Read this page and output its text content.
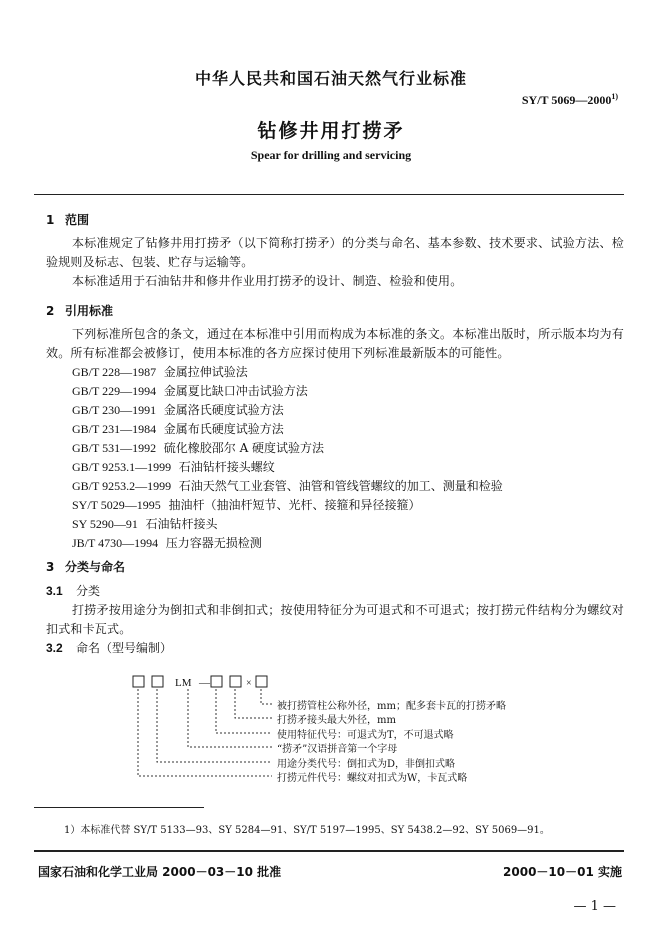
中华人民共和国石油天然气行业标准
SY/T 5069—2000$^{1)}$
钻修井用打捞矛
Spear for drilling and servicing
1 范围

本标准规定了钻修井用打捞矛（以下简称打捞矛）的分类与命名、基本参数、技术要求、试验方法、检验规则及标志、包装、贮存与运输等。

本标准适用于石油钻井和修井作业用打捞矛的设计、制造、检验和使用。

2 引用标准

下列标准所包含的条文，通过在本标准中引用而构成为本标准的条文。本标准出版时，所示版本均为有效。所有标准都会被修订，使用本标准的各方应探讨使用下列标准最新版本的可能性。

GB/T 228—1987 金属拉伸试验法
GB/T 229—1994 金属夏比缺口冲击试验方法
GB/T 230—1991 金属洛氏硬度试验方法
GB/T 231—1984 金属布氏硬度试验方法
GB/T 531—1992 硫化橡胶邵尔 A 硬度试验方法
GB/T 9253.1—1999 石油钻杆接头螺纹
GB/T 9253.2—1999 石油天然气工业套管、油管和管线管螺纹的加工、测量和检验
SY/T 5029—1995 抽油杆（抽油杆短节、光杆、接箍和异径接箍）
SY 5290—91 石油钻杆接头
JB/T 4730—1994 压力容器无损检测
3 分类与命名
3.1 分类

打捞矛按用途分为倒扣式和非倒扣式；按使用特征分为可退式和不可退式；按打捞元件结构分为螺纹对扣式和卡瓦式。

3.2 命名（型号编制）
LM —	×
被打捞管柱公称外径，mm；配多套卡瓦的打捞矛略
打捞矛接头最大外径，mm
使用特征代号：可退式为T，不可退式略
“捞矛”汉语拼音第一个字母
用途分类代号：倒扣式为D，非倒扣式略
打捞元件代号：螺纹对扣式为W，卡瓦式略
1）本标准代替 SY/T 5133—93、SY 5284—91、SY/T 5197—1995、SY 5438.2—92、SY 5069—91。
国家石油和化学工业局 2000－03－10 批准	2000－10－01 实施
— 1 —
